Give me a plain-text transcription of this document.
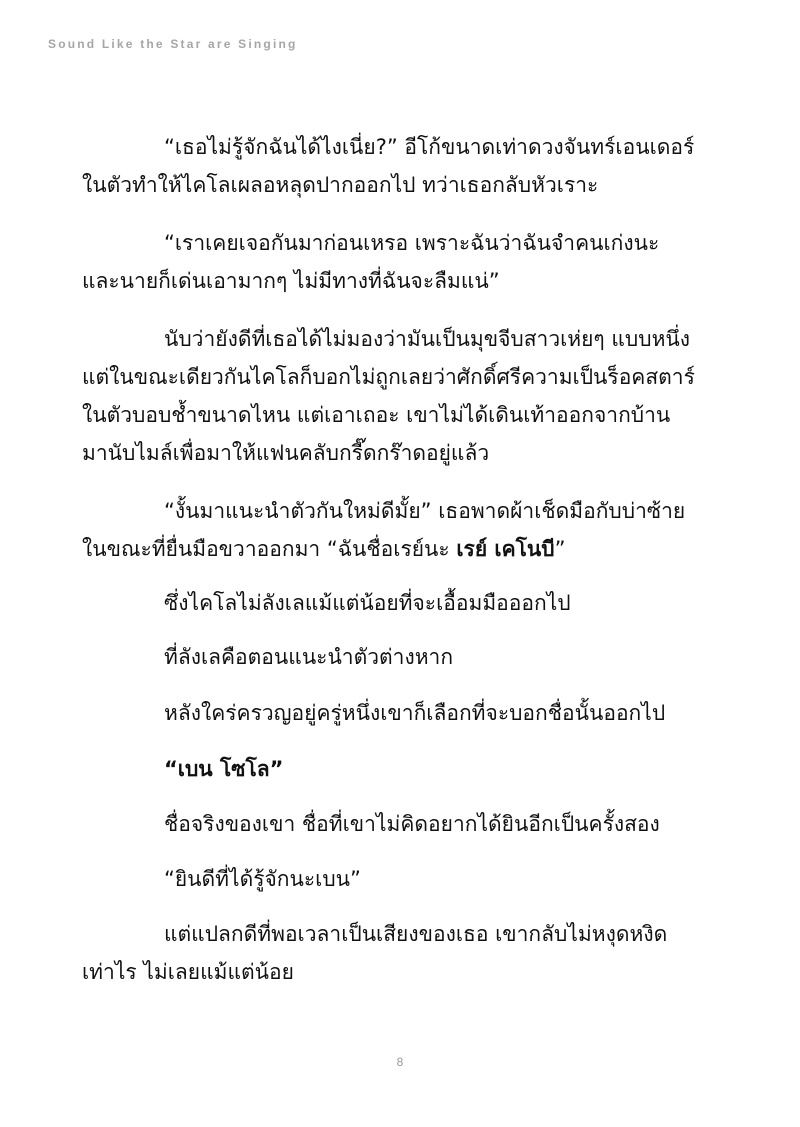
Sound Like the Star are Singing

“เธอไม่รู้จักฉันได้ไงเนี่ย?” อีโก้ขนาดเท่าดวงจันทร์เอนเดอร์
ในตัวทำให้ไคโลเผลอหลุดปากออกไป ทว่าเธอกลับหัวเราะ

“เราเคยเจอกันมาก่อนเหรอ เพราะฉันว่าฉันจำคนเก่งนะ
และนายก็เด่นเอามากๆ ไม่มีทางที่ฉันจะลืมแน่”

นับว่ายังดีที่เธอได้ไม่มองว่ามันเป็นมุขจีบสาวเห่ยๆ แบบหนึ่ง
แต่ในขณะเดียวกันไคโลก็บอกไม่ถูกเลยว่าศักดิ์ศรีความเป็นร็อคสตาร์
ในตัวบอบช้ำขนาดไหน แต่เอาเถอะ เขาไม่ได้เดินเท้าออกจากบ้าน
มานับไมล์เพื่อมาให้แฟนคลับกรี๊ดกร๊าดอยู่แล้ว

“งั้นมาแนะนำตัวกันใหม่ดีมั้ย” เธอพาดผ้าเช็ดมือกับบ่าซ้าย
ในขณะที่ยื่นมือขวาออกมา “ฉันชื่อเรย์นะ เรย์ เคโนบี”

ซึ่งไคโลไม่ลังเลแม้แต่น้อยที่จะเอื้อมมือออกไป

ที่ลังเลคือตอนแนะนำตัวต่างหาก

หลังใคร่ครวญอยู่ครู่หนึ่งเขาก็เลือกที่จะบอกชื่อนั้นออกไป

“เบน โซโล”

ชื่อจริงของเขา ชื่อที่เขาไม่คิดอยากได้ยินอีกเป็นครั้งสอง

“ยินดีที่ได้รู้จักนะเบน”

แต่แปลกดีที่พอเวลาเป็นเสียงของเธอ เขากลับไม่หงุดหงิด
เท่าไร ไม่เลยแม้แต่น้อย

8
